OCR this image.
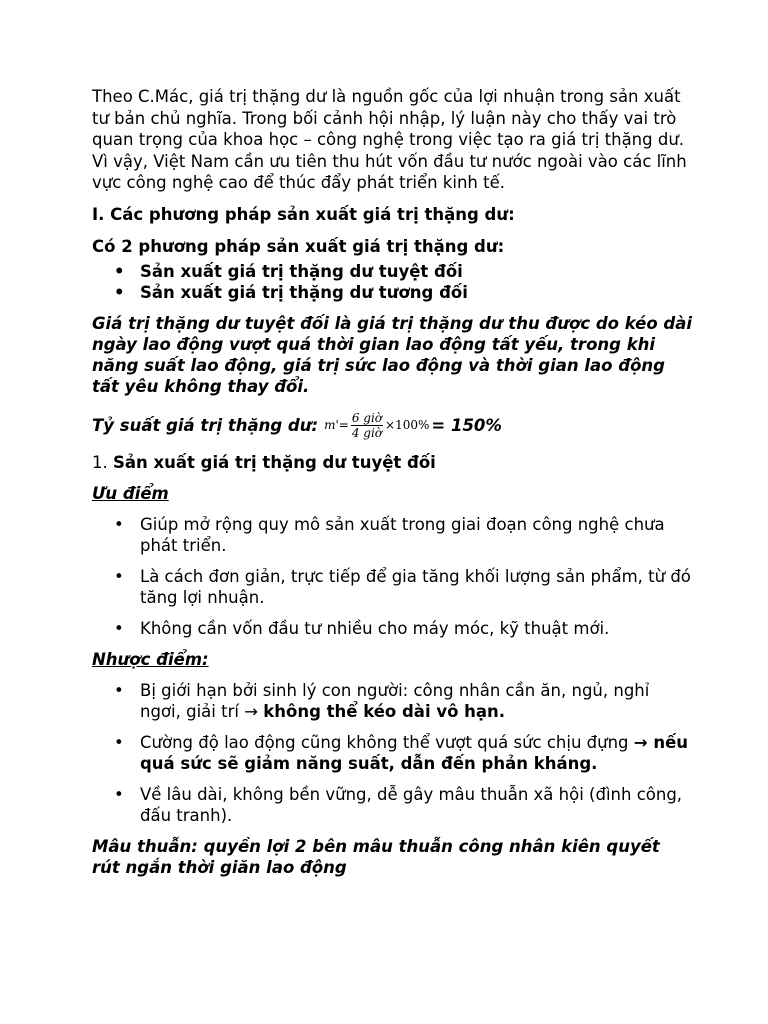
Theo C.Mác, giá trị thặng dư là nguồn gốc của lợi nhuận trong sản xuất tư bản chủ nghĩa. Trong bối cảnh hội nhập, lý luận này cho thấy vai trò quan trọng của khoa học – công nghệ trong việc tạo ra giá trị thặng dư. Vì vậy, Việt Nam cần ưu tiên thu hút vốn đầu tư nước ngoài vào các lĩnh vực công nghệ cao để thúc đẩy phát triển kinh tế.

I. Các phương pháp sản xuất giá trị thặng dư:

Có 2 phương pháp sản xuất giá trị thặng dư:

• Sản xuất giá trị thặng dư tuyệt đối
• Sản xuất giá trị thặng dư tương đối

Giá trị thặng dư tuyệt đối là giá trị thặng dư thu được do kéo dài ngày lao động vượt quá thời gian lao động tất yếu, trong khi năng suất lao động, giá trị sức lao động và thời gian lao động tất yêu không thay đổi.

Tỷ suất giá trị thặng dư: $m'= \frac{\text{6 giờ}}{\text{4 giờ}} \times 100\% = 150\%$

1. Sản xuất giá trị thặng dư tuyệt đối

Ưu điểm

• Giúp mở rộng quy mô sản xuất trong giai đoạn công nghệ chưa phát triển.
• Là cách đơn giản, trực tiếp để gia tăng khối lượng sản phẩm, từ đó tăng lợi nhuận.
• Không cần vốn đầu tư nhiều cho máy móc, kỹ thuật mới.

Nhược điểm:

• Bị giới hạn bởi sinh lý con người: công nhân cần ăn, ngủ, nghỉ ngơi, giải trí → không thể kéo dài vô hạn.
• Cường độ lao động cũng không thể vượt quá sức chịu đựng → nếu quá sức sẽ giảm năng suất, dẫn đến phản kháng.
• Về lâu dài, không bền vững, dễ gây mâu thuẫn xã hội (đình công, đấu tranh).

Mâu thuẫn: quyền lợi 2 bên mâu thuẫn công nhân kiên quyết rút ngắn thời giăn lao động
